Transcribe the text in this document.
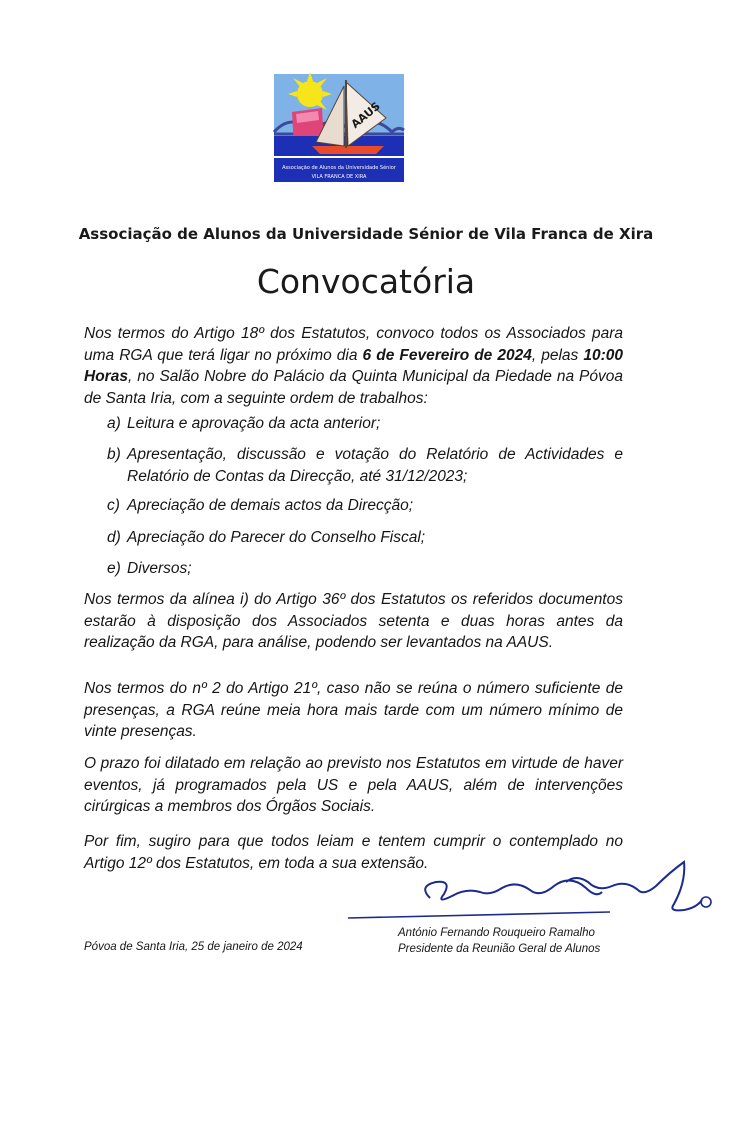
AAUS
Associação de Alunos da Universidade Sénior
VILA FRANCA DE XIRA
Associação de Alunos da Universidade Sénior de Vila Franca de Xira
Convocatória
Nos termos do Artigo 18º dos Estatutos, convoco todos os Associados para uma RGA que terá ligar no próximo dia 6 de Fevereiro de 2024, pelas 10:00 Horas, no Salão Nobre do Palácio da Quinta Municipal da Piedade na Póvoa de Santa Iria, com a seguinte ordem de trabalhos:
a) Leitura e aprovação da acta anterior;
b) Apresentação, discussão e votação do Relatório de Actividades e Relatório de Contas da Direcção, até 31/12/2023;
c) Apreciação de demais actos da Direcção;
d) Apreciação do Parecer do Conselho Fiscal;
e) Diversos;
Nos termos da alínea i) do Artigo 36º dos Estatutos os referidos documentos estarão à disposição dos Associados setenta e duas horas antes da realização da RGA, para análise, podendo ser levantados na AAUS.
Nos termos do nº 2 do Artigo 21º, caso não se reúna o número suficiente de presenças, a RGA reúne meia hora mais tarde com um número mínimo de vinte presenças.
O prazo foi dilatado em relação ao previsto nos Estatutos em virtude de haver eventos, já programados pela US e pela AAUS, além de intervenções cirúrgicas a membros dos Órgãos Sociais.
Por fim, sugiro para que todos leiam e tentem cumprir o contemplado no Artigo 12º dos Estatutos, em toda a sua extensão.
António Fernando Rouqueiro Ramalho
Presidente da Reunião Geral de Alunos
Póvoa de Santa Iria, 25 de janeiro de 2024
